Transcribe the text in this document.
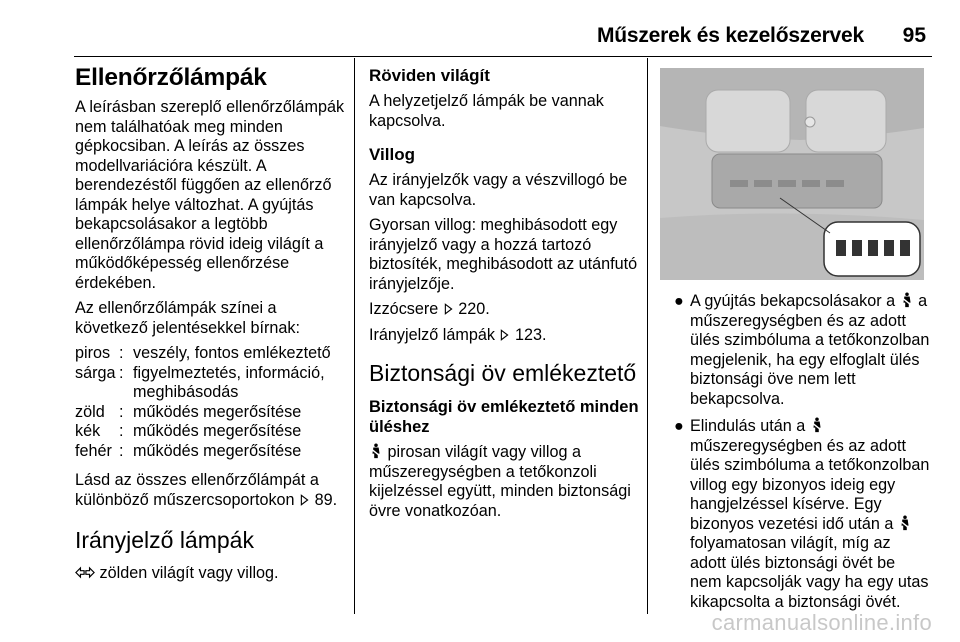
Műszerek és kezelőszervek 95
Ellenőrzőlámpák

A leírásban szereplő ellenőrzőlámpák nem találhatóak meg minden gépkocsiban. A leírás az összes modellvariációra készült. A berendezéstől függően az ellenőrző lámpák helye változhat. A gyújtás bekapcsolásakor a legtöbb ellenőrzőlámpa rövid ideig világít a működőképesség ellenőrzése érdekében.

Az ellenőrzőlámpák színei a következő jelentésekkel bírnak:

piros : veszély, fontos emlékeztető
sárga : figyelmeztetés, információ, meghibásodás
zöld : működés megerősítése
kék	: működés megerősítése
fehér : működés megerősítése

Lásd az összes ellenőrzőlámpát a különböző műszercsoportokon 89.

Irányjelző lámpák

zölden világít vagy villog.

Röviden világít

A helyzetjelző lámpák be vannak kapcsolva.

Villog

Az irányjelzők vagy a vészvillogó be van kapcsolva.

Gyorsan villog: meghibásodott egy irányjelző vagy a hozzá tartozó biztosíték, meghibásodott az utánfutó irányjelzője.

Izzócsere 220.

Irányjelző lámpák 123.

Biztonsági öv emlékeztető
Biztonsági öv emlékeztető minden üléshez

pirosan világít vagy villog a műszeregységben a tetőkonzoli kijelzéssel együtt, minden biztonsági övre vonatkozóan.

● A gyújtás bekapcsolásakor a a műszeregységben és az adott ülés szimbóluma a tetőkonzolban megjelenik, ha egy elfoglalt ülés biztonsági öve nem lett bekapcsolva.
● Elindulás után a  műszeregységben és az adott ülés szimbóluma a tetőkonzolban villog egy bizonyos ideig egy hangjelzéssel kísérve. Egy bizonyos vezetési idő után a  folyamatosan világít, míg az adott ülés biztonsági övét be nem kapcsolják vagy ha egy utas kikapcsolta a biztonsági övét.
carmanualsonline.info
